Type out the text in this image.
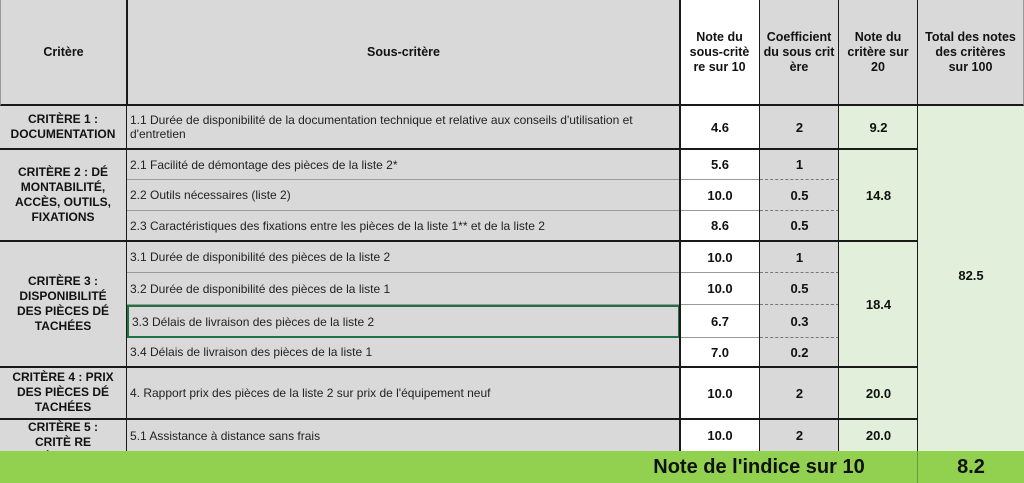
Critère	Sous-critère
Note du sous-critè re sur 10
Coefficient du sous crit ère
Note du critère sur 20
Total des notes des critères sur 100
CRITÈRE 1 : DOCUMENTATION
CRITÈRE 2 : DÉ MONTABILITÉ, ACCÈS, OUTILS, FIXATIONS
CRITÈRE 3 : DISPONIBILITÉ DES PIÈCES DÉ TACHÉES
CRITÈRE 4 : PRIX DES PIÈCES DÉ TACHÉES
CRITÈRE 5 : CRITÈ RE
1.1 Durée de disponibilité de la documentation technique et relative aux conseils d'utilisation et d'entretien
2.1 Facilité de démontage des pièces de la liste 2*
2.2 Outils nécessaires (liste 2)
2.3 Caractéristiques des fixations entre les pièces de la liste 1** et de la liste 2
3.1 Durée de disponibilité des pièces de la liste 2
3.2 Durée de disponibilité des pièces de la liste 1
3.3 Délais de livraison des pièces de la liste 2
3.4 Délais de livraison des pièces de la liste 1
4. Rapport prix des pièces de la liste 2 sur prix de l'équipement neuf
5.1 Assistance à distance sans frais
4.6
5.6
10.0
8.6
10.0
10.0
6.7
7.0
10.0
10.0
2
1
0.5
0.5
1
0.5
0.3
0.2
2
2
9.2
14.8
18.4
20.0
20.0
82.5
Note de l'indice sur 10	8.2
